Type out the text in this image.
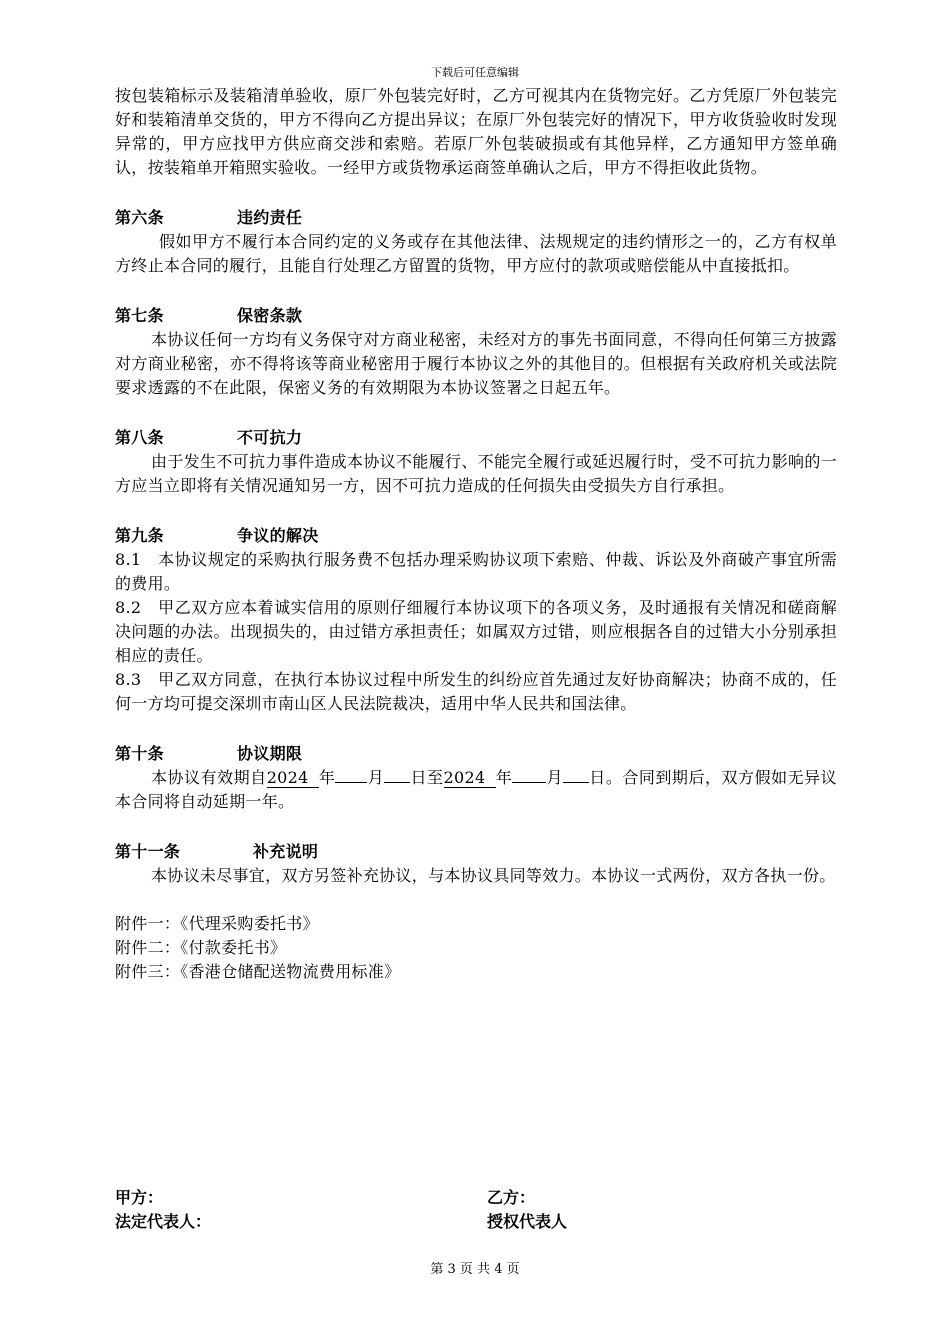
下载后可任意编辑

按包装箱标示及装箱清单验收，原厂外包装完好时，乙方可视其内在货物完好。乙方凭原厂外包装完好和装箱清单交货的，甲方不得向乙方提出异议；在原厂外包装完好的情况下，甲方收货验收时发现异常的，甲方应找甲方供应商交涉和索赔。若原厂外包装破损或有其他异样，乙方通知甲方签单确认，按装箱单开箱照实验收。一经甲方或货物承运商签单确认之后，甲方不得拒收此货物。

第六条	违约责任

假如甲方不履行本合同约定的义务或存在其他法律、法规规定的违约情形之一的，乙方有权单方终止本合同的履行，且能自行处理乙方留置的货物，甲方应付的款项或赔偿能从中直接抵扣。

第七条	保密条款

本协议任何一方均有义务保守对方商业秘密，未经对方的事先书面同意，不得向任何第三方披露对方商业秘密，亦不得将该等商业秘密用于履行本协议之外的其他目的。但根据有关政府机关或法院要求透露的不在此限，保密义务的有效期限为本协议签署之日起五年。

第八条	不可抗力

由于发生不可抗力事件造成本协议不能履行、不能完全履行或延迟履行时，受不可抗力影响的一方应当立即将有关情况通知另一方，因不可抗力造成的任何损失由受损失方自行承担。

第九条	争议的解决

8.1　本协议规定的采购执行服务费不包括办理采购协议项下索赔、仲裁、诉讼及外商破产事宜所需的费用。

8.2　甲乙双方应本着诚实信用的原则仔细履行本协议项下的各项义务，及时通报有关情况和磋商解决问题的办法。出现损失的，由过错方承担责任；如属双方过错，则应根据各自的过错大小分别承担相应的责任。

8.3　甲乙双方同意，在执行本协议过程中所发生的纠纷应首先通过友好协商解决；协商不成的，任何一方均可提交深圳市南山区人民法院裁决，适用中华人民共和国法律。

第十条	协议期限

本协议有效期自2024 年 月 日至2024 年 月 日。合同到期后，双方假如无异议本合同将自动延期一年。

第十一条	补充说明

本协议未尽事宜，双方另签补充协议，与本协议具同等效力。本协议一式两份，双方各执一份。

附件一：《代理采购委托书》

附件二：《付款委托书》

附件三：《香港仓储配送物流费用标准》

甲方：	乙方：
法定代表人：	授权代表人
第 3 页 共 4 页
